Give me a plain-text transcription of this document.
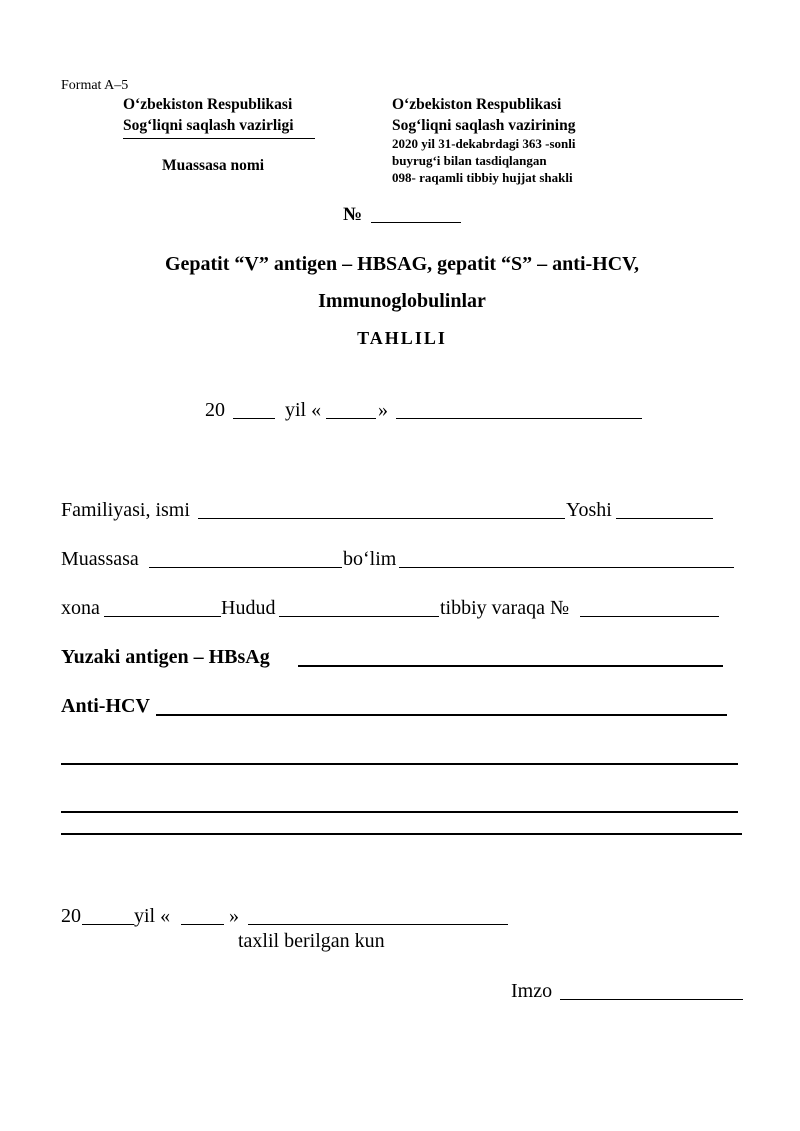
Format A–5
O‘zbekiston Respublikasi
Sog‘liqni saqlash vazirligi
Muassasa nomi
O‘zbekiston Respublikasi
Sog‘liqni saqlash vazirining
2020 yil 31-dekabrdagi 363 -sonli
buyrug‘i bilan tasdiqlangan
098- raqamli tibbiy hujjat shakli
№
Gepatit “V” antigen – HBSAG, gepatit “S” – anti-HCV,
Immunoglobulinlar
TAHLILI
20	yil «	»
Familiyasi, ismi	Yoshi
Muassasa	bo‘lim
xona	Hudud	tibbiy varaqa №
Yuzaki antigen – HBsAg
Anti-HCV
20	yil «	»
taxlil berilgan kun
Imzo
